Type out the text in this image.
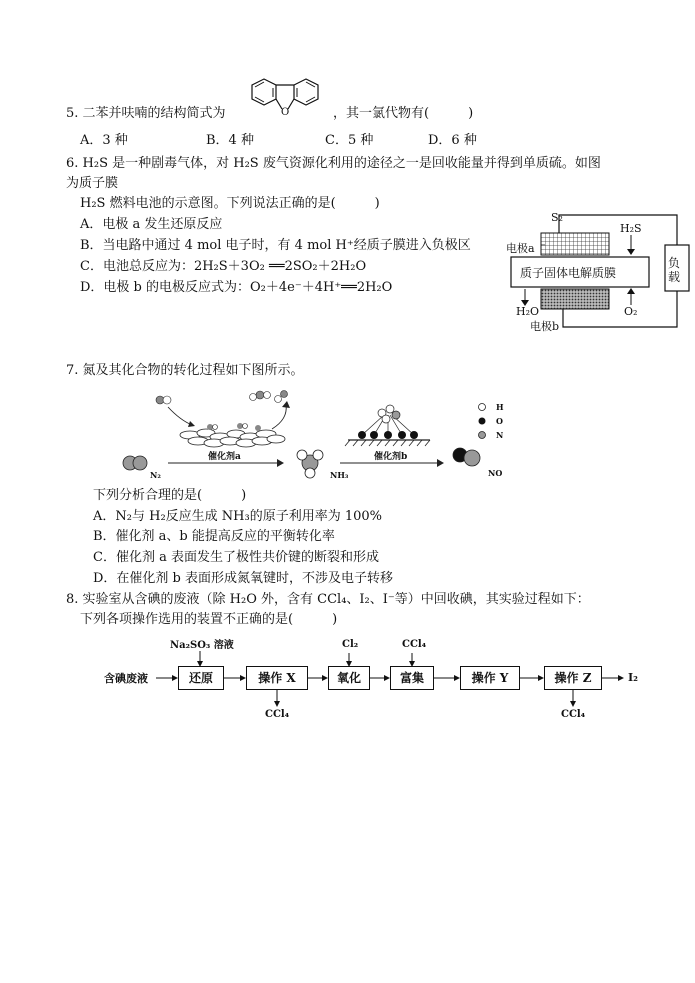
5. 二苯并呋喃的结构简式为	O	，其一氯代物有(　　　)
A．3 种	B．4 种	C．5 种	D．6 种
6. H₂S 是一种剧毒气体，对 H₂S 废气资源化利用的途径之一是回收能量并得到单质硫。如图
为质子膜
H₂S 燃料电池的示意图。下列说法正确的是(　　　)
A．电极 a 发生还原反应
B．当电路中通过 4 mol 电子时，有 4 mol H⁺经质子膜进入负极区
C．电池总反应为：2H₂S＋3O₂ ══2SO₂＋2H₂O
D．电极 b 的电极反应式为：O₂＋4e⁻＋4H⁺══2H₂O
S₂
电极a
H₂S
质子固体电解质膜
负载
H₂O	O₂
电极b
7. 氮及其化合物的转化过程如下图所示。
N₂
催化剂a
NH₃
催化剂b
NO
H
O
N
下列分析合理的是(　　　)
A．N₂与 H₂反应生成 NH₃的原子利用率为 100%
B．催化剂 a、b 能提高反应的平衡转化率
C．催化剂 a 表面发生了极性共价键的断裂和形成
D．在催化剂 b 表面形成氮氧键时，不涉及电子转移
8. 实验室从含碘的废液（除 H₂O 外，含有 CCl₄、I₂、I⁻等）中回收碘，其实验过程如下：
下列各项操作选用的装置不正确的是(　　　)
含碘废液	还原	操作 X	氧化	富集	操作 Y	操作 Z	I₂
Na₂SO₃ 溶液	Cl₂	CCl₄
CCl₄	CCl₄
